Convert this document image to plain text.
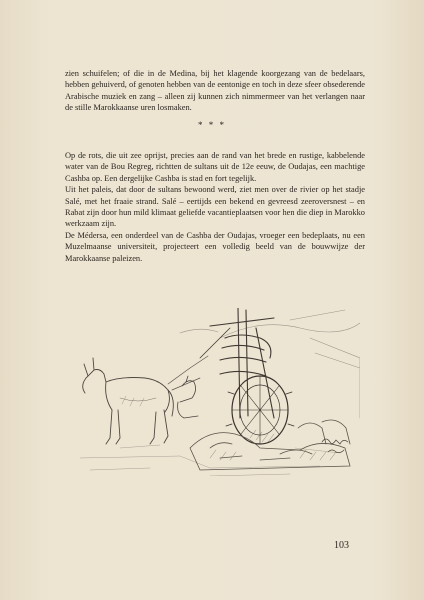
zien schuifelen; of die in de Medina, bij het klagende koorgezang van de bedelaars, hebben gehuiverd, of genoten hebben van de eentonige en toch in deze sfeer obsederende Arabische muziek en zang – alleen zij kunnen zich nimmermeer van het verlangen naar de stille Marokkaanse uren losmaken.
* * *
Op de rots, die uit zee oprijst, precies aan de rand van het brede en rustige, kabbelende water van de Bou Regreg, richtten de sultans uit de 12e eeuw, de Oudajas, een machtige Cashba op. Een dergelijke Cashba is stad en fort tegelijk.
Uit het paleis, dat door de sultans bewoond werd, ziet men over de rivier op het stadje Salé, met het fraaie strand. Salé – eertijds een bekend en gevreesd zeeroversnest – en Rabat zijn door hun mild klimaat geliefde vacantieplaatsen voor hen die diep in Marokko werkzaam zijn.
De Médersa, een onderdeel van de Cashba der Oudajas, vroeger een bedeplaats, nu een Muzelmaanse universiteit, projecteert een volledig beeld van de bouwwijze der Marokkaanse paleizen.
103
